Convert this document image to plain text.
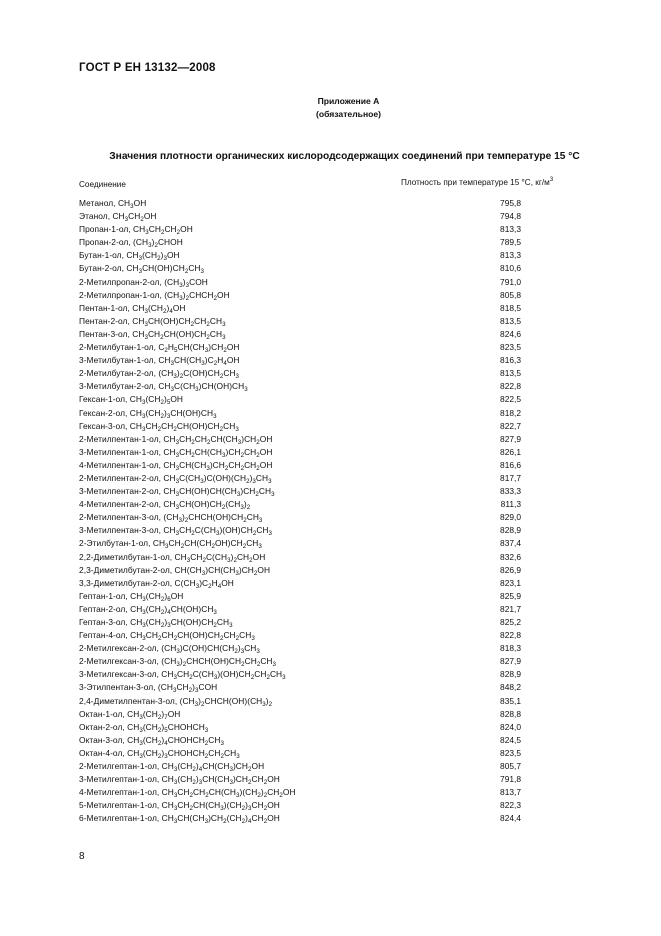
ГОСТ Р ЕН 13132—2008
Приложение А
(обязательное)
Значения плотности органических кислородсодержащих соединений при температуре 15 °С
Соединение	Плотность при температуре 15 °С, $кг/м^3$
Метанол, $CH_3OH$	795,8
Этанол, $CH_3CH_2OH$	794,8
Пропан-1-ол, $CH_3CH_2CH_2OH$	813,3
Пропан-2-ол, $(CH_3)_2CHOH$	789,5
Бутан-1-ол, $CH_3(CH_2)_3OH$	813,3
Бутан-2-ол, $CH_3CH(OH)CH_2CH_3$	810,6
2-Метилпропан-2-ол, $(CH_3)_3COH$	791,0
2-Метилпропан-1-ол, $(CH_3)_2CHCH_2OH$	805,8
Пентан-1-ол, $CH_3(CH_2)_4OH$	818,5
Пентан-2-ол, $CH_3CH(OH)CH_2CH_2CH_3$	813,5
Пентан-3-ол, $CH_3CH_2CH(OH)CH_2CH_3$	824,6
2-Метилбутан-1-ол, $C_2H_5CH(CH_3)CH_2OH$	823,5
3-Метилбутан-1-ол, $CH_3CH(CH_3)C_2H_4OH$	816,3
2-Метилбутан-2-ол, $(CH_3)_2C(OH)CH_2CH_3$	813,5
3-Метилбутан-2-ол, $CH_3C(CH_3)CH(OH)CH_3$	822,8
Гексан-1-ол, $CH_3(CH_2)_5OH$	822,5
Гексан-2-ол, $CH_3(CH_2)_3CH(OH)CH_3$	818,2
Гексан-3-ол, $CH_3CH_2CH_2CH(OH)CH_2CH_3$	822,7
2-Метилпентан-1-ол, $CH_3CH_2CH_2CH(CH_3)CH_2OH$	827,9
3-Метилпентан-1-ол, $CH_3CH_2CH(CH_3)CH_2CH_2OH$	826,1
4-Метилпентан-1-ол, $CH_3CH(CH_3)CH_2CH_2CH_2OH$	816,6
2-Метилпентан-2-ол, $CH_3C(CH_3)C(OH)(CH_2)_3CH_3$	817,7
3-Метилпентан-2-ол, $CH_3CH(OH)CH(CH_3)CH_2CH_3$	833,3
4-Метилпентан-2-ол, $CH_3CH(OH)CH_2(CH_3)_2$	811,3
2-Метилпентан-3-ол, $(CH_3)_2CHCH(OH)CH_2CH_3$	829,0
3-Метилпентан-3-ол, $CH_3CH_2C(CH_3)(OH)CH_2CH_3$	828,9
2-Этилбутан-1-ол, $CH_3CH_2CH(CH_2OH)CH_2CH_3$	837,4
2,2-Диметилбутан-1-ол, $CH_3CH_2C(CH_3)_2CH_2OH$	832,6
2,3-Диметилбутан-2-ол, $CH(CH_3)CH(CH_3)CH_2OH$	826,9
3,3-Диметилбутан-2-ол, $C(CH_3)C_2H_4OH$	823,1
Гептан-1-ол, $CH_3(CH_2)_6OH$	825,9
Гептан-2-ол, $CH_3(CH_2)_4CH(OH)CH_3$	821,7
Гептан-3-ол, $CH_3(CH_2)_3CH(OH)CH_2CH_3$	825,2
Гептан-4-ол, $CH_3CH_2CH_2CH(OH)CH_2CH_2CH_3$	822,8
2-Метилгексан-2-ол, $(CH_3)C(OH)CH(CH_2)_3CH_3$	818,3
2-Метилгексан-3-ол, $(CH_3)_2CHCH(OH)CH_2CH_2CH_3$	827,9
3-Метилгексан-3-ол, $CH_3CH_2C(CH_3)(OH)CH_2CH_2CH_3$	828,9
3-Этилпентан-3-ол, $(CH_3CH_2)_3COH$	848,2
2,4-Диметилпентан-3-ол, $(CH_3)_2CHCH(OH)(CH_3)_2$	835,1
Октан-1-ол, $CH_3(CH_2)_7OH$	828,8
Октан-2-ол, $CH_3(CH_2)_5CHOHCH_3$	824,0
Октан-3-ол, $CH_3(CH_2)_4CHOHCH_2CH_3$	824,5
Октан-4-ол, $CH_3(CH_2)_3CHOHCH_2CH_2CH_3$	823,5
2-Метилгептан-1-ол, $CH_3(CH_2)_4CH(CH_3)CH_2OH$	805,7
3-Метилгептан-1-ол, $CH_3(CH_2)_3CH(CH_3)CH_2CH_2OH$	791,8
4-Метилгептан-1-ол, $CH_3CH_2CH_2CH(CH_3)(CH_2)_2CH_2OH$	813,7
5-Метилгептан-1-ол, $CH_3CH_2CH(CH_3)(CH_2)_3CH_2OH$	822,3
6-Метилгептан-1-ол, $CH_3CH(CH_3)CH_2(CH_2)_4CH_2OH$	824,4
8
